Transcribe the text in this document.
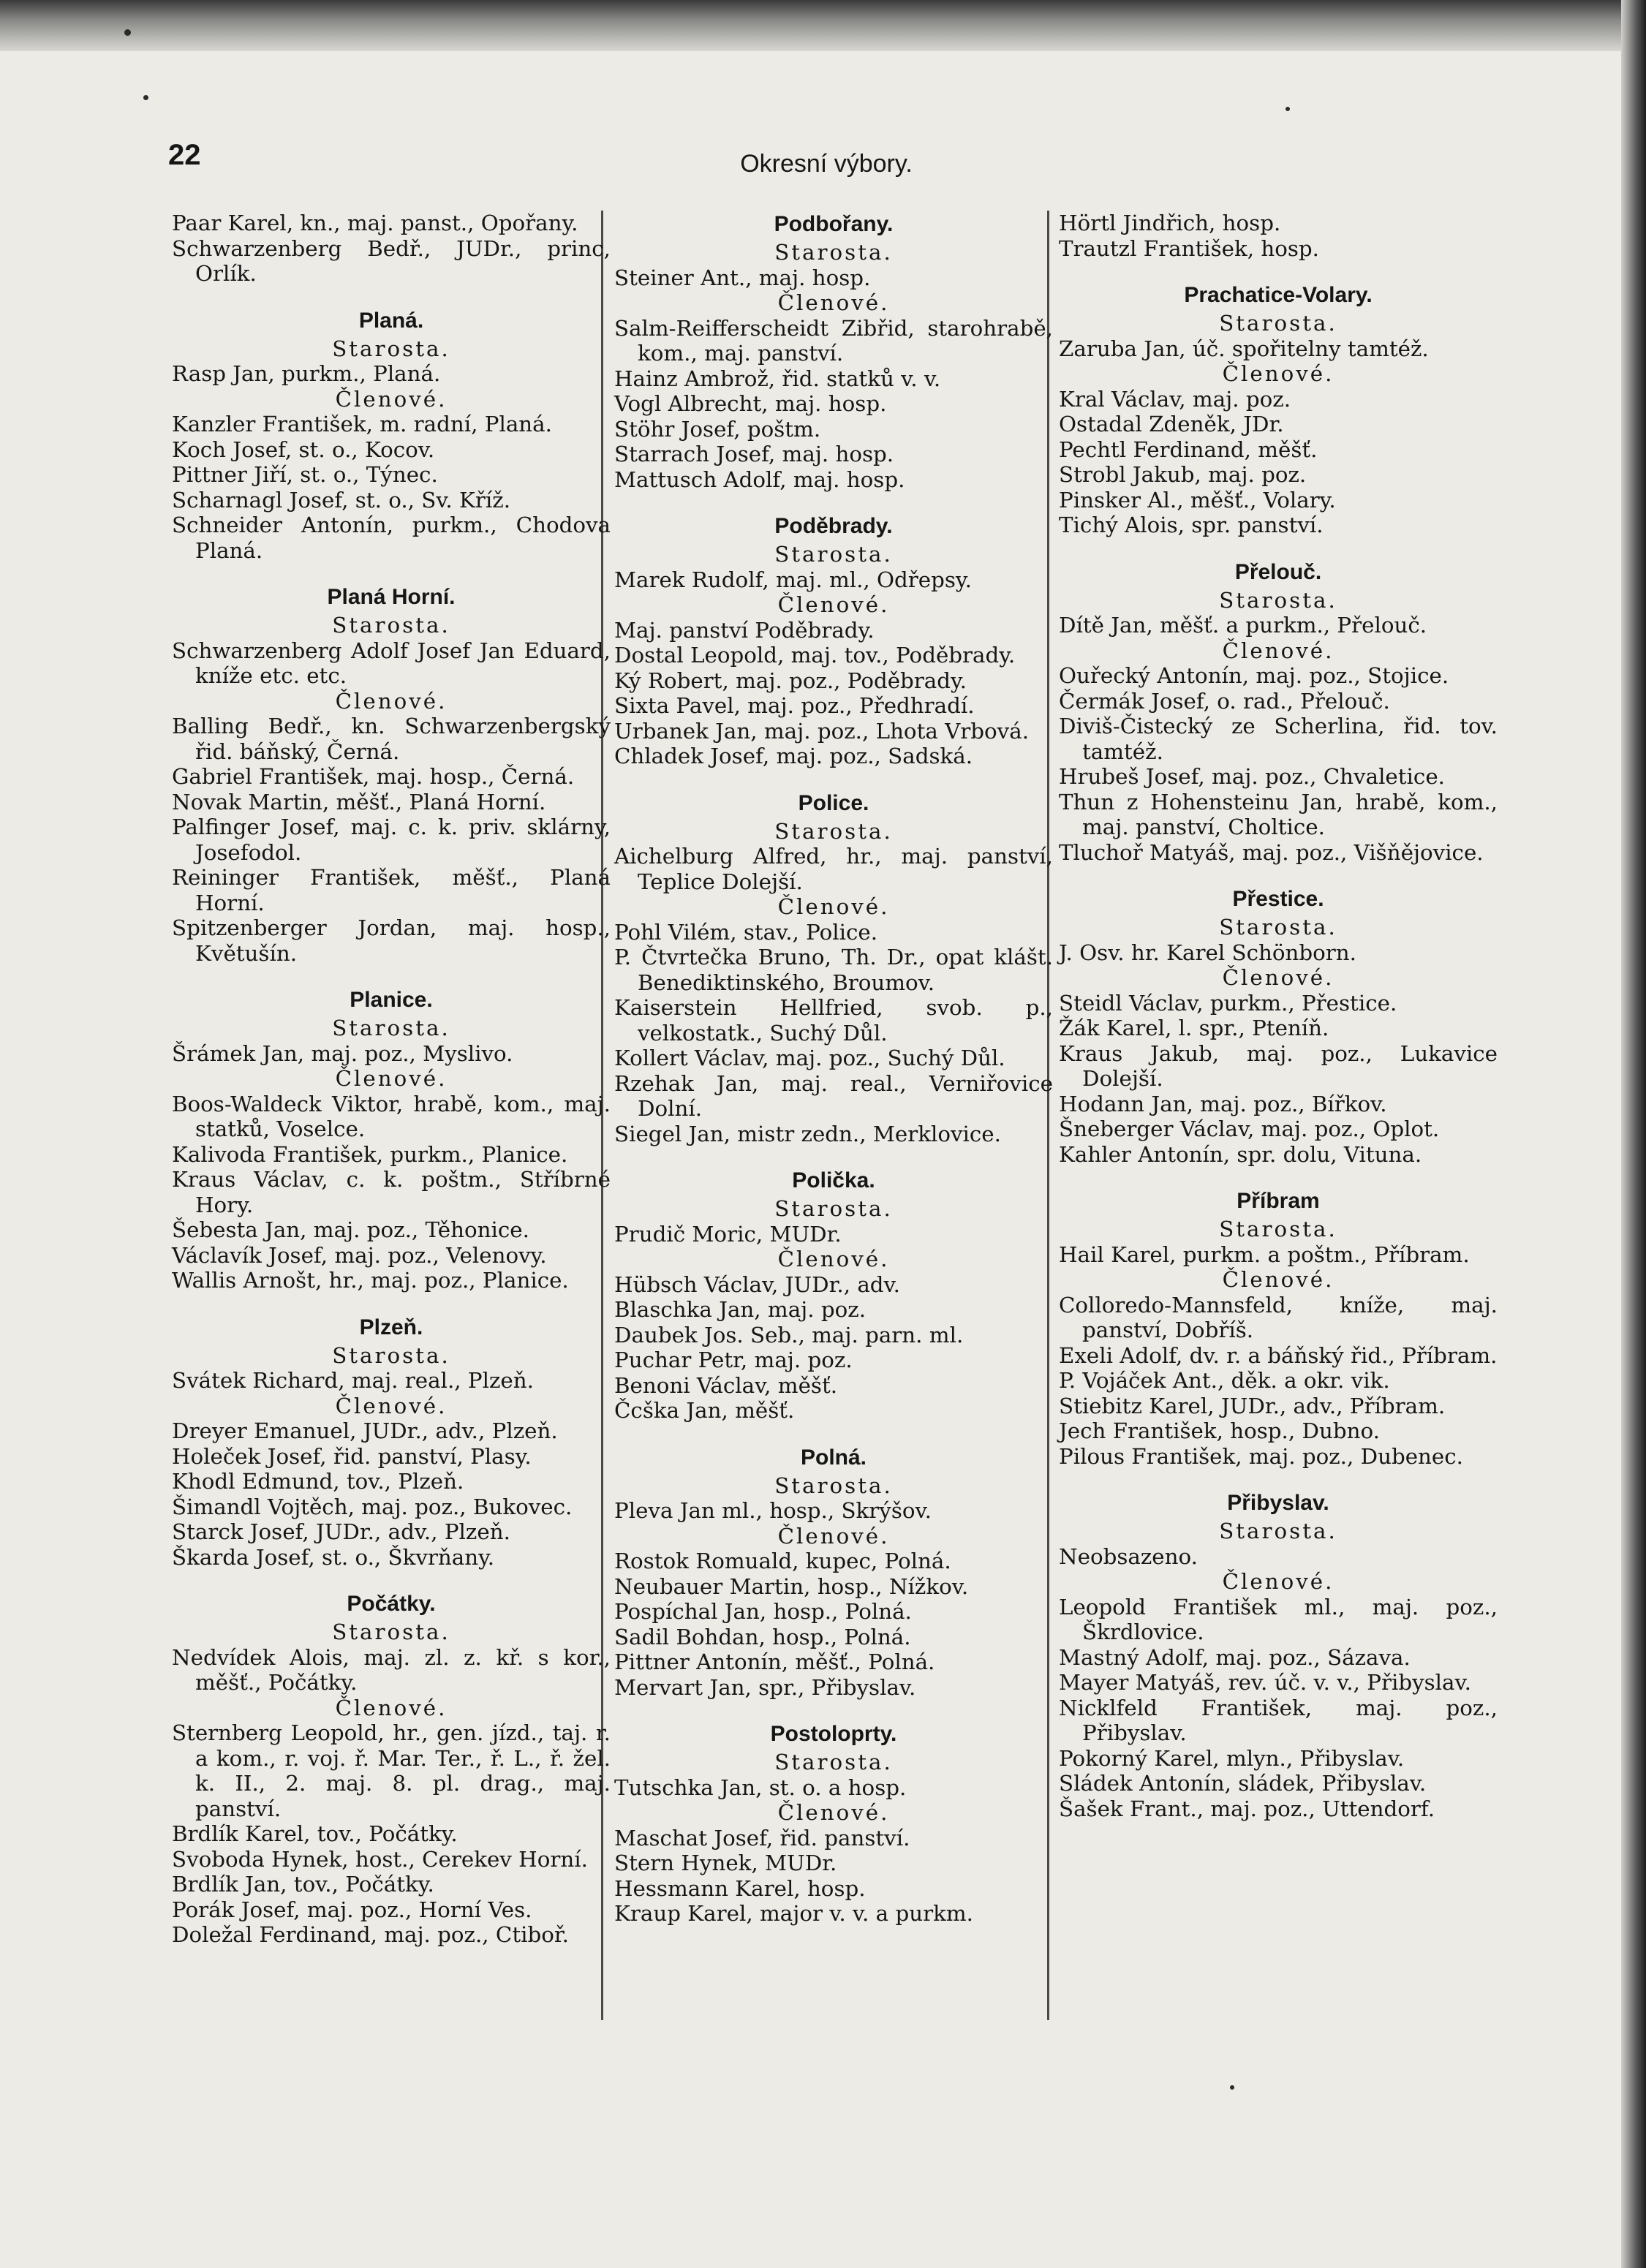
22	Okresní výbory.
Paar Karel, kn., maj. panst., Opořany.
Schwarzenberg Bedř., JUDr., princ, Orlík.
Planá.
Starosta.
Rasp Jan, purkm., Planá.
Členové.
Kanzler František, m. radní, Planá.
Koch Josef, st. o., Kocov.
Pittner Jiří, st. o., Týnec.
Scharnagl Josef, st. o., Sv. Kříž.
Schneider Antonín, purkm., Chodova Planá.
Planá Horní.
Starosta.
Schwarzenberg Adolf Josef Jan Eduard, kníže etc. etc.
Členové.
Balling Bedř., kn. Schwarzenbergský řid. báňský, Černá.
Gabriel František, maj. hosp., Černá.
Novak Martin, měšť., Planá Horní.
Palfinger Josef, maj. c. k. priv. sklárny, Josefodol.
Reininger František, měšť., Planá Horní.
Spitzenberger Jordan, maj. hosp., Květušín.
Planice.
Starosta.
Šrámek Jan, maj. poz., Myslivo.
Členové.
Boos-Waldeck Viktor, hrabě, kom., maj. statků, Voselce.
Kalivoda František, purkm., Planice.
Kraus Václav, c. k. poštm., Stříbrné Hory.
Šebesta Jan, maj. poz., Těhonice.
Václavík Josef, maj. poz., Velenovy.
Wallis Arnošt, hr., maj. poz., Planice.
Plzeň.
Starosta.
Svátek Richard, maj. real., Plzeň.
Členové.
Dreyer Emanuel, JUDr., adv., Plzeň.
Holeček Josef, řid. panství, Plasy.
Khodl Edmund, tov., Plzeň.
Šimandl Vojtěch, maj. poz., Bukovec.
Starck Josef, JUDr., adv., Plzeň.
Škarda Josef, st. o., Škvrňany.
Počátky.
Starosta.
Nedvídek Alois, maj. zl. z. kř. s kor., měšť., Počátky.
Členové.
Sternberg Leopold, hr., gen. jízd., taj. r. a kom., r. voj. ř. Mar. Ter., ř. L., ř. žel. k. II., 2. maj. 8. pl. drag., maj. panství.
Brdlík Karel, tov., Počátky.
Svoboda Hynek, host., Cerekev Horní.
Brdlík Jan, tov., Počátky.
Porák Josef, maj. poz., Horní Ves.
Doležal Ferdinand, maj. poz., Ctiboř.
Podbořany.
Starosta.
Steiner Ant., maj. hosp.
Členové.
Salm-Reifferscheidt Zibřid, starohrabě, kom., maj. panství.
Hainz Ambrož, řid. statků v. v.
Vogl Albrecht, maj. hosp.
Stöhr Josef, poštm.
Starrach Josef, maj. hosp.
Mattusch Adolf, maj. hosp.
Poděbrady.
Starosta.
Marek Rudolf, maj. ml., Odřepsy.
Členové.
Maj. panství Poděbrady.
Dostal Leopold, maj. tov., Poděbrady.
Ký Robert, maj. poz., Poděbrady.
Sixta Pavel, maj. poz., Předhradí.
Urbanek Jan, maj. poz., Lhota Vrbová.
Chladek Josef, maj. poz., Sadská.
Police.
Starosta.
Aichelburg Alfred, hr., maj. panství, Teplice Dolejší.
Členové.
Pohl Vilém, stav., Police.
P. Čtvrtečka Bruno, Th. Dr., opat klášt. Benediktinského, Broumov.
Kaiserstein Hellfried, svob. p., velkostatk., Suchý Důl.
Kollert Václav, maj. poz., Suchý Důl.
Rzehak Jan, maj. real., Verniřovice Dolní.
Siegel Jan, mistr zedn., Merklovice.
Polička.
Starosta.
Prudič Moric, MUDr.
Členové.
Hübsch Václav, JUDr., adv.
Blaschka Jan, maj. poz.
Daubek Jos. Seb., maj. parn. ml.
Puchar Petr, maj. poz.
Benoni Václav, měšť.
Čcška Jan, měšť.
Polná.
Starosta.
Pleva Jan ml., hosp., Skrýšov.
Členové.
Rostok Romuald, kupec, Polná.
Neubauer Martin, hosp., Nížkov.
Pospíchal Jan, hosp., Polná.
Sadil Bohdan, hosp., Polná.
Pittner Antonín, měšť., Polná.
Mervart Jan, spr., Přibyslav.
Postoloprty.
Starosta.
Tutschka Jan, st. o. a hosp.
Členové.
Maschat Josef, řid. panství.
Stern Hynek, MUDr.
Hessmann Karel, hosp.
Kraup Karel, major v. v. a purkm.
Hörtl Jindřich, hosp.
Trautzl František, hosp.
Prachatice-Volary.
Starosta.
Zaruba Jan, úč. spořitelny tamtéž.
Členové.
Kral Václav, maj. poz.
Ostadal Zdeněk, JDr.
Pechtl Ferdinand, měšť.
Strobl Jakub, maj. poz.
Pinsker Al., měšť., Volary.
Tichý Alois, spr. panství.
Přelouč.
Starosta.
Dítě Jan, měšť. a purkm., Přelouč.
Členové.
Ouřecký Antonín, maj. poz., Stojice.
Čermák Josef, o. rad., Přelouč.
Diviš-Čistecký ze Scherlina, řid. tov. tamtéž.
Hrubeš Josef, maj. poz., Chvaletice.
Thun z Hohensteinu Jan, hrabě, kom., maj. panství, Choltice.
Tluchoř Matyáš, maj. poz., Višňějovice.
Přestice.
Starosta.
J. Osv. hr. Karel Schönborn.
Členové.
Steidl Václav, purkm., Přestice.
Žák Karel, l. spr., Pteníň.
Kraus Jakub, maj. poz., Lukavice Dolejší.
Hodann Jan, maj. poz., Bířkov.
Šneberger Václav, maj. poz., Oplot.
Kahler Antonín, spr. dolu, Vituna.
Příbram
Starosta.
Hail Karel, purkm. a poštm., Příbram.
Členové.
Colloredo-Mannsfeld, kníže, maj. panství, Dobříš.
Exeli Adolf, dv. r. a báňský řid., Příbram.
P. Vojáček Ant., děk. a okr. vik.
Stiebitz Karel, JUDr., adv., Příbram.
Jech František, hosp., Dubno.
Pilous František, maj. poz., Dubenec.
Přibyslav.
Starosta.
Neobsazeno.
Členové.
Leopold František ml., maj. poz., Škrdlovice.
Mastný Adolf, maj. poz., Sázava.
Mayer Matyáš, rev. úč. v. v., Přibyslav.
Nicklfeld František, maj. poz., Přibyslav.
Pokorný Karel, mlyn., Přibyslav.
Sládek Antonín, sládek, Přibyslav.
Šašek Frant., maj. poz., Uttendorf.
